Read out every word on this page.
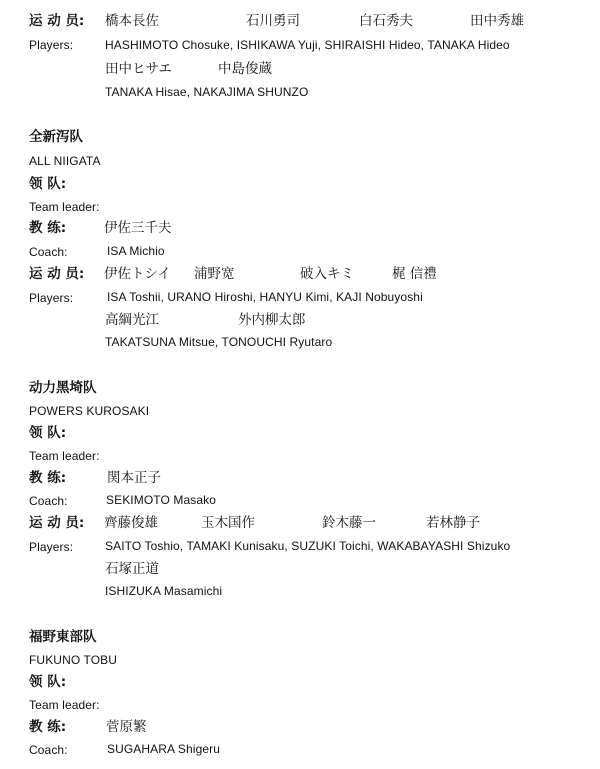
运 动 员: 橋本長佐	石川勇司	白石秀夫	田中秀雄
Players:	HASHIMOTO Chosuke, ISHIKAWA Yuji, SHIRAISHI Hideo, TANAKA Hideo
田中ヒサエ	中島俊蔵
TANAKA Hisae, NAKAJIMA SHUNZO
全新泻队
ALL NIIGATA
领 队:
Team leader:
教 练:	伊佐三千夫
Coach:	ISA Michio
运 动 员: 伊佐トシイ 浦野宽	破入キミ	梶 信禮
Players:	ISA Toshii, URANO Hiroshi, HANYU Kimi, KAJI Nobuyoshi
高綱光江	外内柳太郎
TAKATSUNA Mitsue, TONOUCHI Ryutaro
动力黑埼队
POWERS KUROSAKI
领 队:
Team leader:
教 练:	関本正子
Coach:	SEKIMOTO Masako
运 动 员: 齊藤俊雄	玉木国作	鈴木藤一	若林静子
Players:	SAITO Toshio, TAMAKI Kunisaku, SUZUKI Toichi, WAKABAYASHI Shizuko
石塚正道
ISHIZUKA Masamichi
福野東部队
FUKUNO TOBU
领 队:
Team leader:
教 练:	菅原繁
Coach:	SUGAHARA Shigeru
